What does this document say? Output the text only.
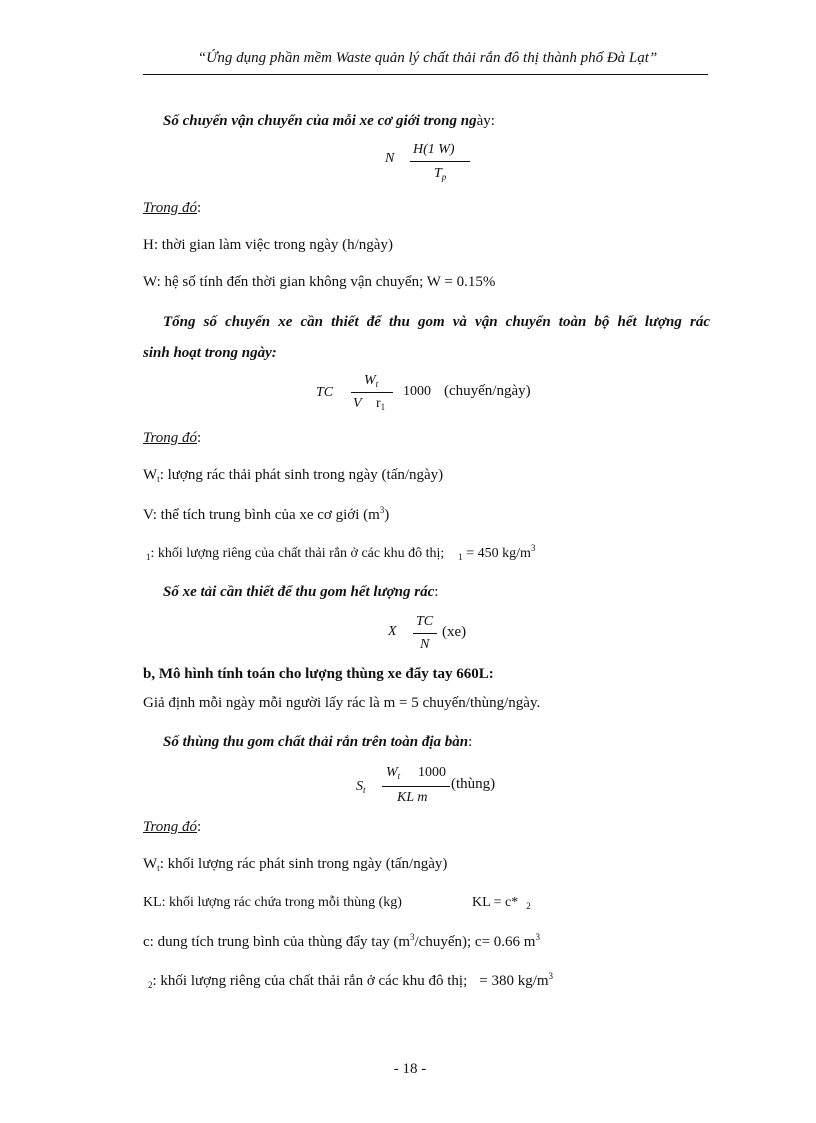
“Ứng dụng phần mềm Waste quản lý chất thải rắn đô thị thành phố Đà Lạt”
Số chuyến vận chuyển của mỗi xe cơ giới trong ngày:
N
H(1 W)
$T_p$
Trong đó:
H: thời gian làm việc trong ngày (h/ngày)
W: hệ số tính đến thời gian không vận chuyển; W = 0.15%
Tổng số chuyến xe cần thiết để thu gom và vận chuyển toàn bộ hết lượng rác
sinh hoạt trong ngày:
TC
$W_t$
V $r_1$
1000 (chuyến/ngày)
Trong đó:
$W_t$: lượng rác thải phát sinh trong ngày (tấn/ngày)
V: thể tích trung bình của xe cơ giới $(m^3)$
$_1$: khối lượng riêng của chất thải rắn ở các khu đô thị; $_1$ = 450 $kg/m^3$
Số xe tải cần thiết để thu gom hết lượng rác:
X
TC
N
(xe)
b, Mô hình tính toán cho lượng thùng xe đẩy tay 660L:
Giả định mỗi ngày mỗi người lấy rác là m = 5 chuyến/thùng/ngày.
Số thùng thu gom chất thải rắn trên toàn địa bàn:
$S_t$
$W_t$ 1000
KL m
(thùng)
Trong đó:
$W_t$: khối lượng rác phát sinh trong ngày (tấn/ngày)
KL: khối lượng rác chứa trong mỗi thùng (kg)	KL = c* $_2$
c: dung tích trung bình của thùng đẩy tay $(m^3/chuyến)$; c= 0.66 $m^3$
$_2$: khối lượng riêng của chất thải rắn ở các khu đô thị; = 380 $kg/m^3$
- 18 -
